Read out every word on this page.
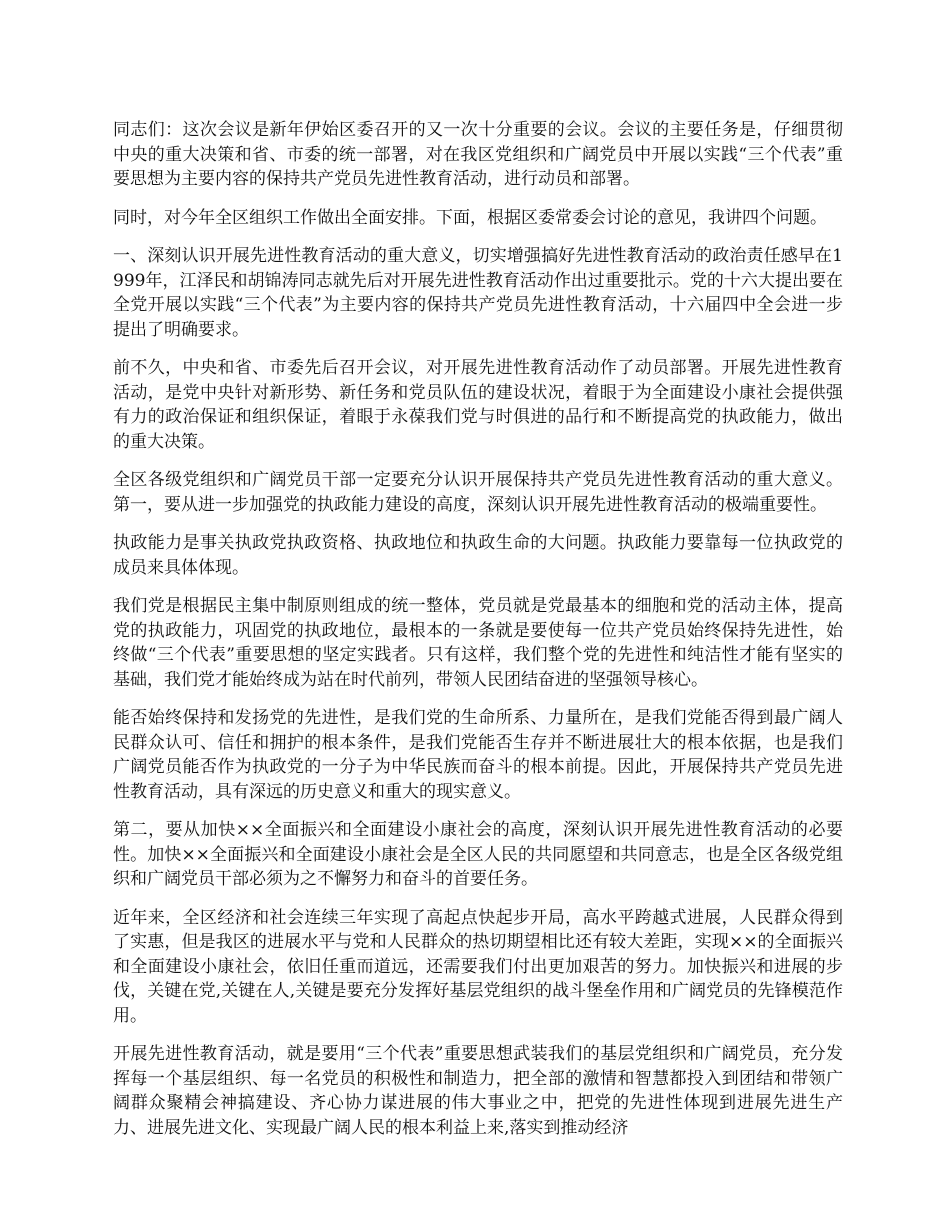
同志们：这次会议是新年伊始区委召开的又一次十分重要的会议。会议的主要任务是，仔细贯彻中央的重大决策和省、市委的统一部署，对在我区党组织和广阔党员中开展以实践“三个代表”重要思想为主要内容的保持共产党员先进性教育活动，进行动员和部署。

同时，对今年全区组织工作做出全面安排。下面，根据区委常委会讨论的意见，我讲四个问题。

一、深刻认识开展先进性教育活动的重大意义，切实增强搞好先进性教育活动的政治责任感早在1999年，江泽民和胡锦涛同志就先后对开展先进性教育活动作出过重要批示。党的十六大提出要在全党开展以实践“三个代表”为主要内容的保持共产党员先进性教育活动，十六届四中全会进一步提出了明确要求。

前不久，中央和省、市委先后召开会议，对开展先进性教育活动作了动员部署。开展先进性教育活动，是党中央针对新形势、新任务和党员队伍的建设状况，着眼于为全面建设小康社会提供强有力的政治保证和组织保证，着眼于永葆我们党与时俱进的品行和不断提高党的执政能力，做出的重大决策。

全区各级党组织和广阔党员干部一定要充分认识开展保持共产党员先进性教育活动的重大意义。第一，要从进一步加强党的执政能力建设的高度，深刻认识开展先进性教育活动的极端重要性。

执政能力是事关执政党执政资格、执政地位和执政生命的大问题。执政能力要靠每一位执政党的成员来具体体现。

我们党是根据民主集中制原则组成的统一整体，党员就是党最基本的细胞和党的活动主体，提高党的执政能力，巩固党的执政地位，最根本的一条就是要使每一位共产党员始终保持先进性，始终做“三个代表”重要思想的坚定实践者。只有这样，我们整个党的先进性和纯洁性才能有坚实的基础，我们党才能始终成为站在时代前列，带领人民团结奋进的坚强领导核心。

能否始终保持和发扬党的先进性，是我们党的生命所系、力量所在，是我们党能否得到最广阔人民群众认可、信任和拥护的根本条件，是我们党能否生存并不断进展壮大的根本依据，也是我们广阔党员能否作为执政党的一分子为中华民族而奋斗的根本前提。因此，开展保持共产党员先进性教育活动，具有深远的历史意义和重大的现实意义。

第二，要从加快××全面振兴和全面建设小康社会的高度，深刻认识开展先进性教育活动的必要性。加快××全面振兴和全面建设小康社会是全区人民的共同愿望和共同意志，也是全区各级党组织和广阔党员干部必须为之不懈努力和奋斗的首要任务。

近年来，全区经济和社会连续三年实现了高起点快起步开局，高水平跨越式进展，人民群众得到了实惠，但是我区的进展水平与党和人民群众的热切期望相比还有较大差距，实现××的全面振兴和全面建设小康社会，依旧任重而道远，还需要我们付出更加艰苦的努力。加快振兴和进展的步伐，关键在党,关键在人,关键是要充分发挥好基层党组织的战斗堡垒作用和广阔党员的先锋模范作用。

开展先进性教育活动，就是要用“三个代表”重要思想武装我们的基层党组织和广阔党员，充分发挥每一个基层组织、每一名党员的积极性和制造力，把全部的激情和智慧都投入到团结和带领广阔群众聚精会神搞建设、齐心协力谋进展的伟大事业之中，把党的先进性体现到进展先进生产力、进展先进文化、实现最广阔人民的根本利益上来,落实到推动经济
